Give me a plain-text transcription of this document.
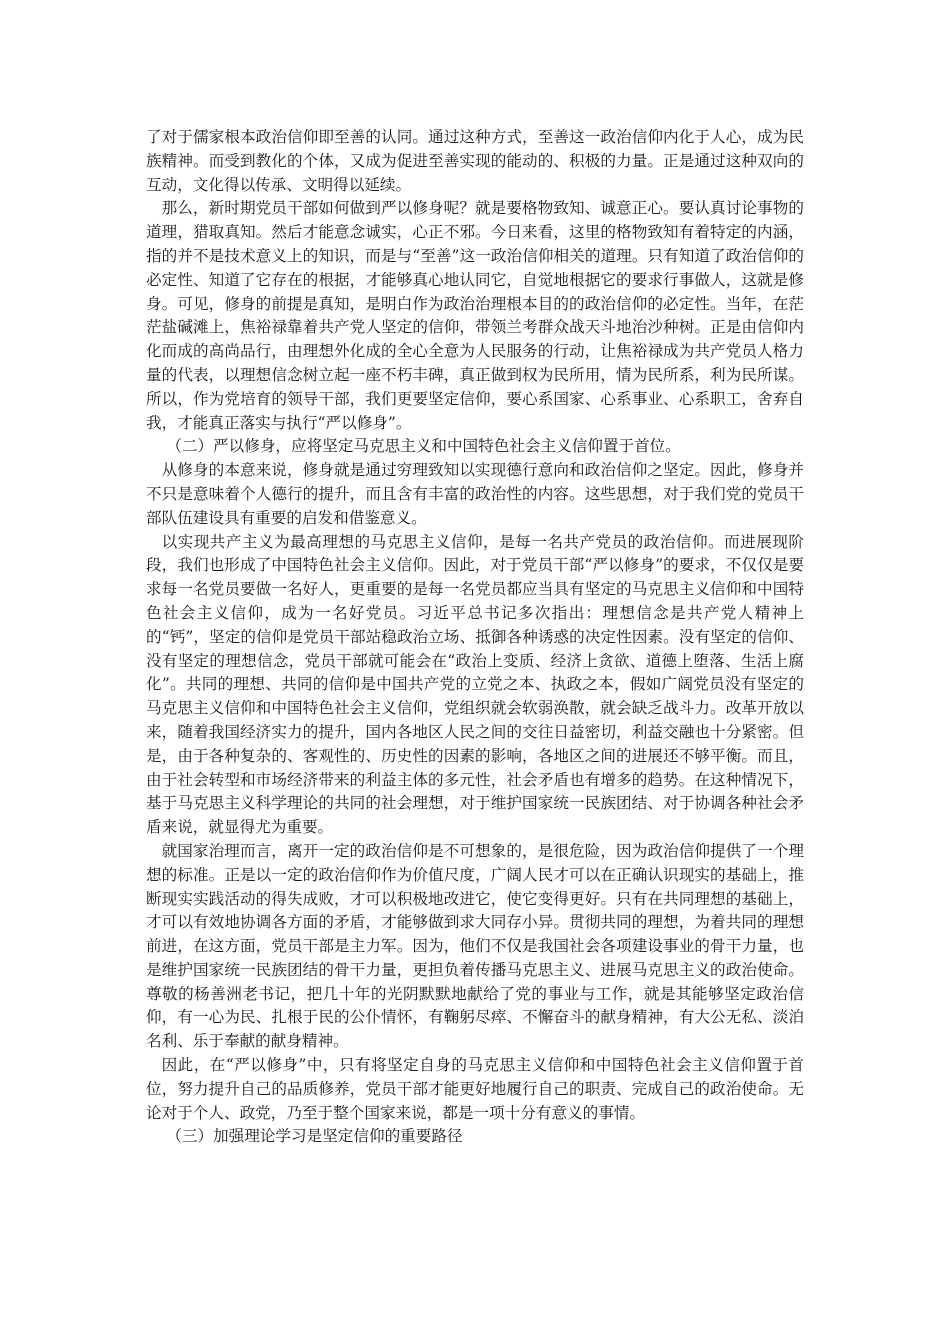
了对于儒家根本政治信仰即至善的认同。通过这种方式，至善这一政治信仰内化于人心，成为民族精神。而受到教化的个体，又成为促进至善实现的能动的、积极的力量。正是通过这种双向的互动，文化得以传承、文明得以延续。

那么，新时期党员干部如何做到严以修身呢？就是要格物致知、诚意正心。要认真讨论事物的道理，猎取真知。然后才能意念诚实，心正不邪。今日来看，这里的格物致知有着特定的内涵，指的并不是技术意义上的知识，而是与“至善”这一政治信仰相关的道理。只有知道了政治信仰的必定性、知道了它存在的根据，才能够真心地认同它，自觉地根据它的要求行事做人，这就是修身。可见，修身的前提是真知，是明白作为政治治理根本目的的政治信仰的必定性。当年，在茫茫盐碱滩上，焦裕禄靠着共产党人坚定的信仰，带领兰考群众战天斗地治沙种树。正是由信仰内化而成的高尚品行，由理想外化成的全心全意为人民服务的行动，让焦裕禄成为共产党员人格力量的代表，以理想信念树立起一座不朽丰碑，真正做到权为民所用，情为民所系，利为民所谋。所以，作为党培育的领导干部，我们更要坚定信仰，要心系国家、心系事业、心系职工，舍弃自我，才能真正落实与执行“严以修身”。

（二）严以修身，应将坚定马克思主义和中国特色社会主义信仰置于首位。

从修身的本意来说，修身就是通过穷理致知以实现德行意向和政治信仰之坚定。因此，修身并不只是意味着个人德行的提升，而且含有丰富的政治性的内容。这些思想，对于我们党的党员干部队伍建设具有重要的启发和借鉴意义。

以实现共产主义为最高理想的马克思主义信仰，是每一名共产党员的政治信仰。而进展现阶段，我们也形成了中国特色社会主义信仰。因此，对于党员干部“严以修身”的要求，不仅仅是要求每一名党员要做一名好人，更重要的是每一名党员都应当具有坚定的马克思主义信仰和中国特色社会主义信仰，成为一名好党员。习近平总书记多次指出：理想信念是共产党人精神上的“钙”，坚定的信仰是党员干部站稳政治立场、抵御各种诱惑的决定性因素。没有坚定的信仰、没有坚定的理想信念，党员干部就可能会在“政治上变质、经济上贪欲、道德上堕落、生活上腐化”。共同的理想、共同的信仰是中国共产党的立党之本、执政之本，假如广阔党员没有坚定的马克思主义信仰和中国特色社会主义信仰，党组织就会软弱涣散，就会缺乏战斗力。改革开放以来，随着我国经济实力的提升，国内各地区人民之间的交往日益密切，利益交融也十分紧密。但是，由于各种复杂的、客观性的、历史性的因素的影响，各地区之间的进展还不够平衡。而且，由于社会转型和市场经济带来的利益主体的多元性，社会矛盾也有增多的趋势。在这种情况下，基于马克思主义科学理论的共同的社会理想，对于维护国家统一民族团结、对于协调各种社会矛盾来说，就显得尤为重要。

就国家治理而言，离开一定的政治信仰是不可想象的，是很危险，因为政治信仰提供了一个理想的标准。正是以一定的政治信仰作为价值尺度，广阔人民才可以在正确认识现实的基础上，推断现实实践活动的得失成败，才可以积极地改进它，使它变得更好。只有在共同理想的基础上，才可以有效地协调各方面的矛盾，才能够做到求大同存小异。贯彻共同的理想，为着共同的理想前进，在这方面，党员干部是主力军。因为，他们不仅是我国社会各项建设事业的骨干力量，也是维护国家统一民族团结的骨干力量，更担负着传播马克思主义、进展马克思主义的政治使命。尊敬的杨善洲老书记，把几十年的光阴默默地献给了党的事业与工作，就是其能够坚定政治信仰，有一心为民、扎根于民的公仆情怀，有鞠躬尽瘁、不懈奋斗的献身精神，有大公无私、淡泊名利、乐于奉献的献身精神。

因此，在“严以修身”中，只有将坚定自身的马克思主义信仰和中国特色社会主义信仰置于首位，努力提升自己的品质修养，党员干部才能更好地履行自己的职责、完成自己的政治使命。无论对于个人、政党，乃至于整个国家来说，都是一项十分有意义的事情。

（三）加强理论学习是坚定信仰的重要路径
